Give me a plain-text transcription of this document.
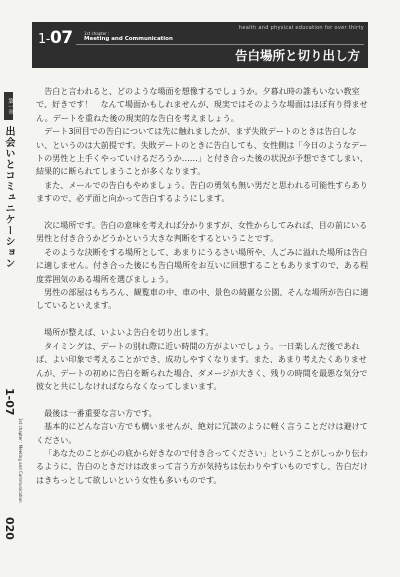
1-07	1st chapter :
Meeting and Communication
health and physical education for over thirty
告白場所と切り出し方
第一章
出会いとコミュニケーション
1-07
1st chapter : Meeting and Communication
020

告白と言われると、どのような場面を想像するでしょうか。夕暮れ時の誰もいない教室で、好きです！　なんて場面かもしれませんが、現実ではそのような場面はほぼ有り得ません。デートを重ねた後の現実的な告白を考えましょう。

デート3回目での告白については先に触れましたが、まず失敗デートのときは告白しない、というのは大前提です。失敗デートのときに告白しても、女性側は「今日のようなデートの男性と上手くやっていけるだろうか……」と付き合った後の状況が予想できてしまい、結果的に断られてしまうことが多くなります。

また、メールでの告白もやめましょう。告白の勇気も無い男だと思われる可能性すらありますので、必ず面と向かって告白するようにします。

次に場所です。告白の意味を考えれば分かりますが、女性からしてみれば、目の前にいる男性と付き合うかどうかという大きな判断をするということです。

そのような決断をする場所として、あまりにうるさい場所や、人ごみに溢れた場所は告白に適しません。付き合った後にも告白場所をお互いに回想することもありますので、ある程度雰囲気のある場所を選びましょう。

男性の部屋はもちろん、観覧車の中、車の中、景色の綺麗な公園、そんな場所が告白に適しているといえます。

場所が整えば、いよいよ告白を切り出します。

タイミングは、デートの別れ際に近い時間の方がよいでしょう。一日楽しんだ後であれば、よい印象で考えることができ、成功しやすくなります。また、あまり考えたくありませんが、デートの初めに告白を断られた場合、ダメージが大きく、残りの時間を最悪な気分で彼女と共にしなければならなくなってしまいます。

最後は一番重要な言い方です。

基本的にどんな言い方でも構いませんが、絶対に冗談のように軽く言うことだけは避けてください。

「あなたのことが心の底から好きなので付き合ってください」ということがしっかり伝わるように、告白のときだけは改まって言う方が気持ちは伝わりやすいものですし、告白だけはきちっとして欲しいという女性も多いものです。
